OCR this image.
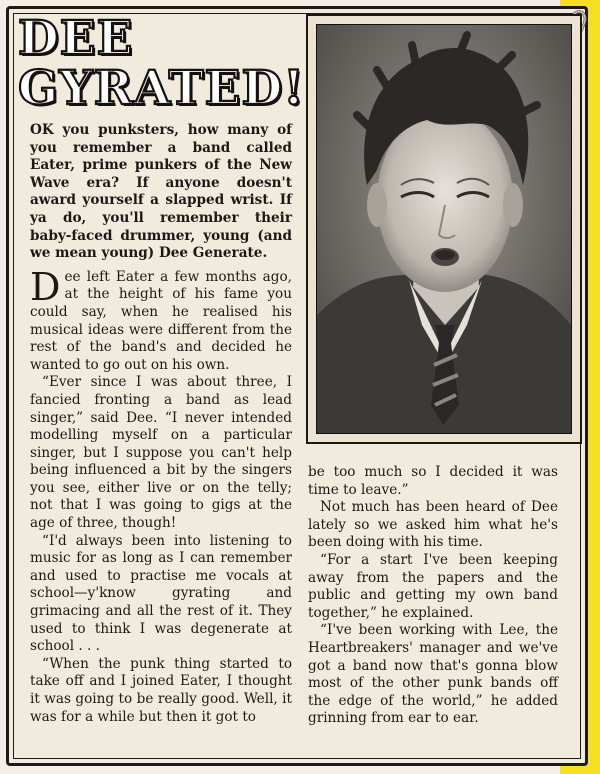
DEE GYRATED!

OK you punksters, how many of you remember a band called Eater, prime punkers of the New Wave era? If anyone doesn't award yourself a slapped wrist. If ya do, you'll remember their baby-faced drummer, young (and we mean young) Dee Generate.

Dee left Eater a few months ago, at the height of his fame you could say, when he realised his musical ideas were different from the rest of the band's and decided he wanted to go out on his own.

“Ever since I was about three, I fancied fronting a band as lead singer,” said Dee. “I never intended modelling myself on a particular singer, but I suppose you can't help being influenced a bit by the singers you see, either live or on the telly; not that I was going to gigs at the age of three, though!

“I'd always been into listening to music for as long as I can remember and used to practise me vocals at school—y'know gyrating and grimacing and all the rest of it. They used to think I was degenerate at school . . .

“When the punk thing started to take off and I joined Eater, I thought it was going to be really good. Well, it was for a while but then it got to

be too much so I decided it was time to leave.”

Not much has been heard of Dee lately so we asked him what he's been doing with his time.

“For a start I've been keeping away from the papers and the public and getting my own band together,” he explained.

“I've been working with Lee, the Heartbreakers' manager and we've got a band now that's gonna blow most of the other punk bands off the edge of the world,” he added grinning from ear to ear.
